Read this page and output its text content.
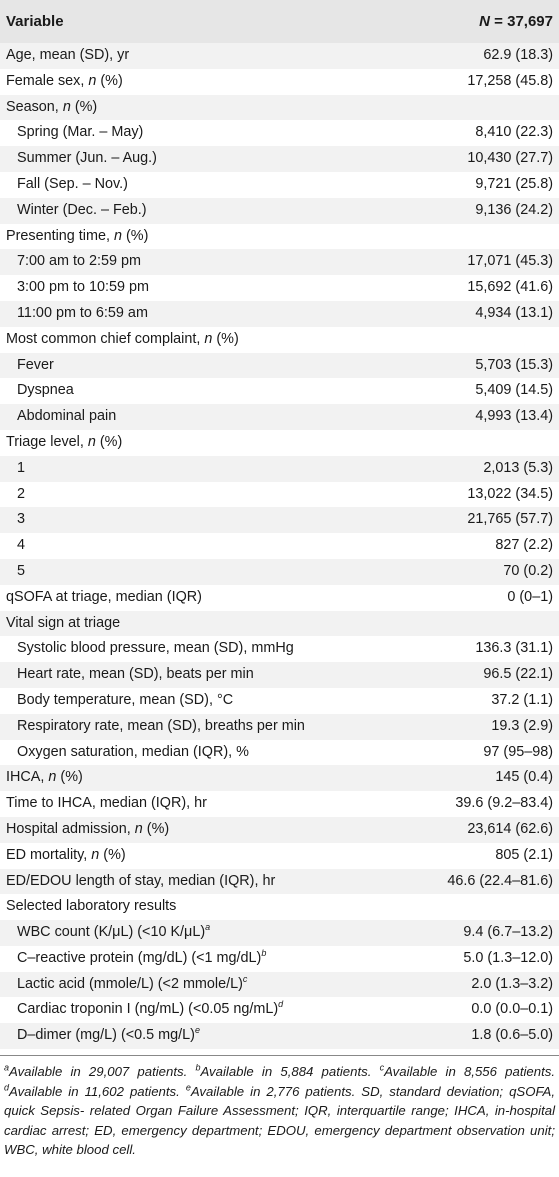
Variable	N = 37,697
Age, mean (SD), yr	62.9 (18.3)
Female sex, n (%)	17,258 (45.8)
Season, n (%)	
Spring (Mar. – May)	8,410 (22.3)
Summer (Jun. – Aug.)	10,430 (27.7)
Fall (Sep. – Nov.)	9,721 (25.8)
Winter (Dec. – Feb.)	9,136 (24.2)
Presenting time, n (%)	
7:00 am to 2:59 pm	17,071 (45.3)
3:00 pm to 10:59 pm	15,692 (41.6)
11:00 pm to 6:59 am	4,934 (13.1)
Most common chief complaint, n (%)	
Fever	5,703 (15.3)
Dyspnea	5,409 (14.5)
Abdominal pain	4,993 (13.4)
Triage level, n (%)	
1	2,013 (5.3)
2	13,022 (34.5)
3	21,765 (57.7)
4	827 (2.2)
5	70 (0.2)
qSOFA at triage, median (IQR)	0 (0–1)
Vital sign at triage	
Systolic blood pressure, mean (SD), mmHg	136.3 (31.1)
Heart rate, mean (SD), beats per min	96.5 (22.1)
Body temperature, mean (SD), °C	37.2 (1.1)
Respiratory rate, mean (SD), breaths per min	19.3 (2.9)
Oxygen saturation, median (IQR), %	97 (95–98)
IHCA, n (%)	145 (0.4)
Time to IHCA, median (IQR), hr	39.6 (9.2–83.4)
Hospital admission, n (%)	23,614 (62.6)
ED mortality, n (%)	805 (2.1)
ED/EDOU length of stay, median (IQR), hr	46.6 (22.4–81.6)
Selected laboratory results	
WBC count (K/μL) (<10 K/μL)$^a$	9.4 (6.7–13.2)
C–reactive protein (mg/dL) (<1 mg/dL)$^b$	5.0 (1.3–12.0)
Lactic acid (mmole/L) (<2 mmole/L)$^c$	2.0 (1.3–3.2)
Cardiac troponin I (ng/mL) (<0.05 ng/mL)$^d$	0.0 (0.0–0.1)
D–dimer (mg/L) (<0.5 mg/L)$^e$	1.8 (0.6–5.0)
$^a$Available in 29,007 patients. $^b$Available in 5,884 patients. $^c$Available in 8,556 patients. $^d$Available in 11,602 patients. $^e$Available in 2,776 patients. SD, standard deviation; qSOFA, quick Sepsis- related Organ Failure Assessment; IQR, interquartile range; IHCA, in-hospital cardiac arrest; ED, emergency department; EDOU, emergency department observation unit; WBC, white blood cell.
